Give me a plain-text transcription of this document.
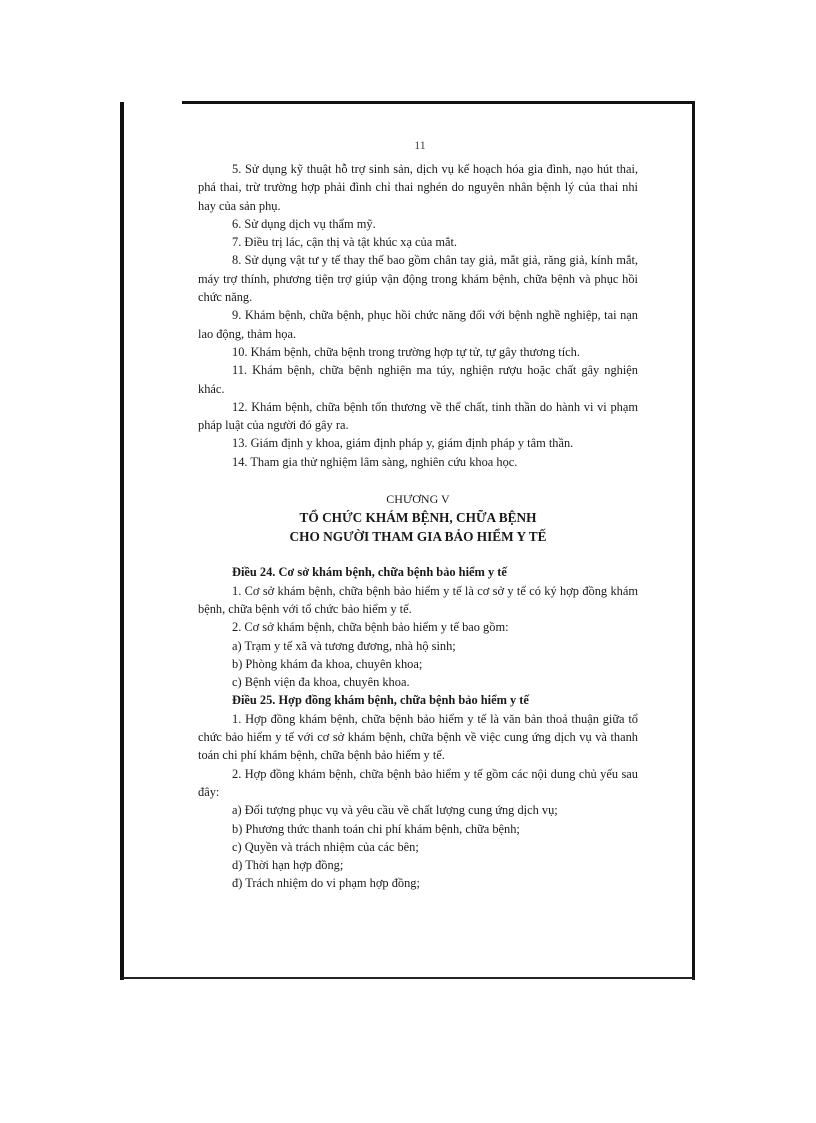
11

5. Sử dụng kỹ thuật hỗ trợ sinh sản, dịch vụ kế hoạch hóa gia đình, nạo hút thai, phá thai, trừ trường hợp phải đình chỉ thai nghén do nguyên nhân bệnh lý của thai nhi hay của sản phụ.

6. Sử dụng dịch vụ thẩm mỹ.

7. Điều trị lác, cận thị và tật khúc xạ của mắt.

8. Sử dụng vật tư y tế thay thế bao gồm chân tay giả, mắt giả, răng giả, kính mắt, máy trợ thính, phương tiện trợ giúp vận động trong khám bệnh, chữa bệnh và phục hồi chức năng.

9. Khám bệnh, chữa bệnh, phục hồi chức năng đối với bệnh nghề nghiệp, tai nạn lao động, thảm họa.

10. Khám bệnh, chữa bệnh trong trường hợp tự tử, tự gây thương tích.

11. Khám bệnh, chữa bệnh nghiện ma túy, nghiện rượu hoặc chất gây nghiện khác.

12. Khám bệnh, chữa bệnh tổn thương về thể chất, tinh thần do hành vi vi phạm pháp luật của người đó gây ra.

13. Giám định y khoa, giám định pháp y, giám định pháp y tâm thần.

14. Tham gia thử nghiệm lâm sàng, nghiên cứu khoa học.

CHƯƠNG V

TỔ CHỨC KHÁM BỆNH, CHỮA BỆNH

CHO NGƯỜI THAM GIA BẢO HIỂM Y TẾ

Điều 24. Cơ sở khám bệnh, chữa bệnh bảo hiểm y tế

1. Cơ sở khám bệnh, chữa bệnh bảo hiểm y tế là cơ sở y tế có ký hợp đồng khám bệnh, chữa bệnh với tổ chức bảo hiểm y tế.

2. Cơ sở khám bệnh, chữa bệnh bảo hiểm y tế bao gồm:

a) Trạm y tế xã và tương đương, nhà hộ sinh;

b) Phòng khám đa khoa, chuyên khoa;

c) Bệnh viện đa khoa, chuyên khoa.

Điều 25. Hợp đồng khám bệnh, chữa bệnh bảo hiểm y tế

1. Hợp đồng khám bệnh, chữa bệnh bảo hiểm y tế là văn bản thoả thuận giữa tổ chức bảo hiểm y tế với cơ sở khám bệnh, chữa bệnh về việc cung ứng dịch vụ và thanh toán chi phí khám bệnh, chữa bệnh bảo hiểm y tế.

2. Hợp đồng khám bệnh, chữa bệnh bảo hiểm y tế gồm các nội dung chủ yếu sau đây:

a) Đối tượng phục vụ và yêu cầu về chất lượng cung ứng dịch vụ;

b) Phương thức thanh toán chi phí khám bệnh, chữa bệnh;

c) Quyền và trách nhiệm của các bên;

d) Thời hạn hợp đồng;

đ) Trách nhiệm do vi phạm hợp đồng;
